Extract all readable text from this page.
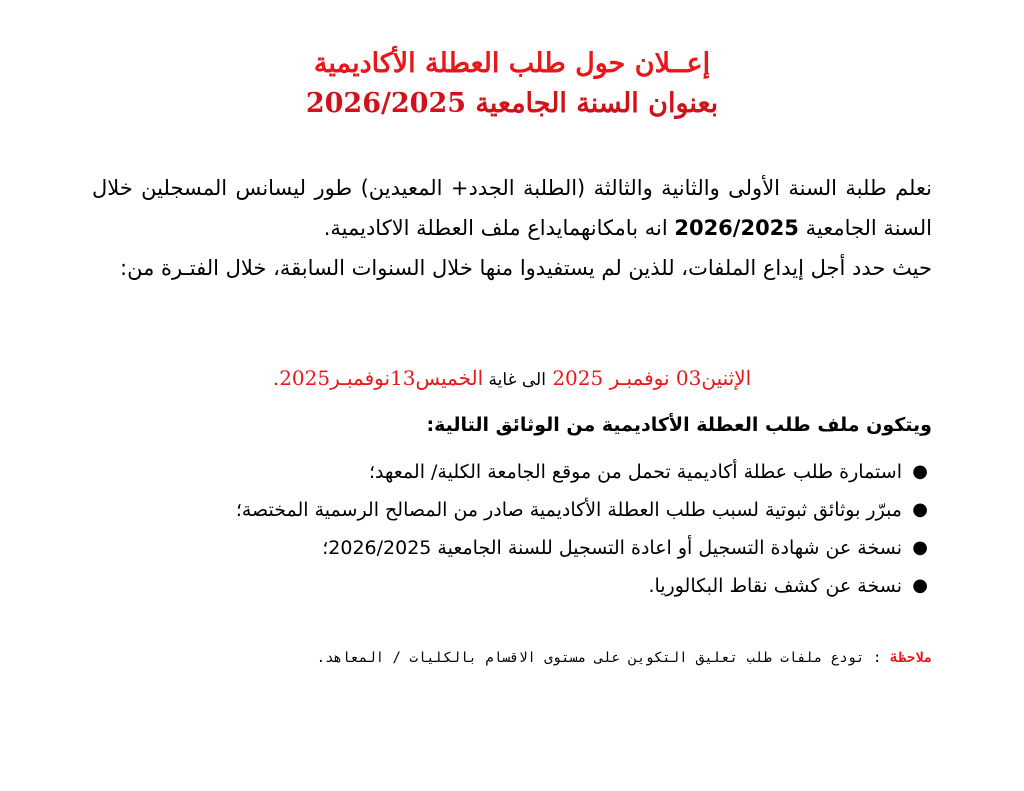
إعــلان حول طلب العطلة الأكاديمية
بعنوان السنة الجامعية 2026/2025
نعلم طلبة السنة الأولى والثانية والثالثة (الطلبة الجدد+ المعيدين) طور ليسانس المسجلين خلال السنة الجامعية 2026/2025 انه بامكانهمايداع ملف العطلة الاكاديمية.
حيث حدد أجل إيداع الملفات، للذين لم يستفيدوا منها خلال السنوات السابقة، خلال الفتـرة من:
الإثنين03 نوفمبـر 2025 الى غاية الخميس13نوفمبـر2025.
ويتكون ملف طلب العطلة الأكاديمية من الوثائق التالية:
●
استمارة طلب عطلة أكاديمية تحمل من موقع الجامعة الكلية/ المعهد؛
●
مبرّر بوثائق ثبوتية لسبب طلب العطلة الأكاديمية صادر من المصالح الرسمية المختصة؛
●
نسخة عن شهادة التسجيل أو اعادة التسجيل للسنة الجامعية 2026/2025؛
●
نسخة عن كشف نقاط البكالوريا.
ملاحظة : تودع ملفات طلب تعليق التكوين على مستوى الاقسام بالكليات / المعاهد.
